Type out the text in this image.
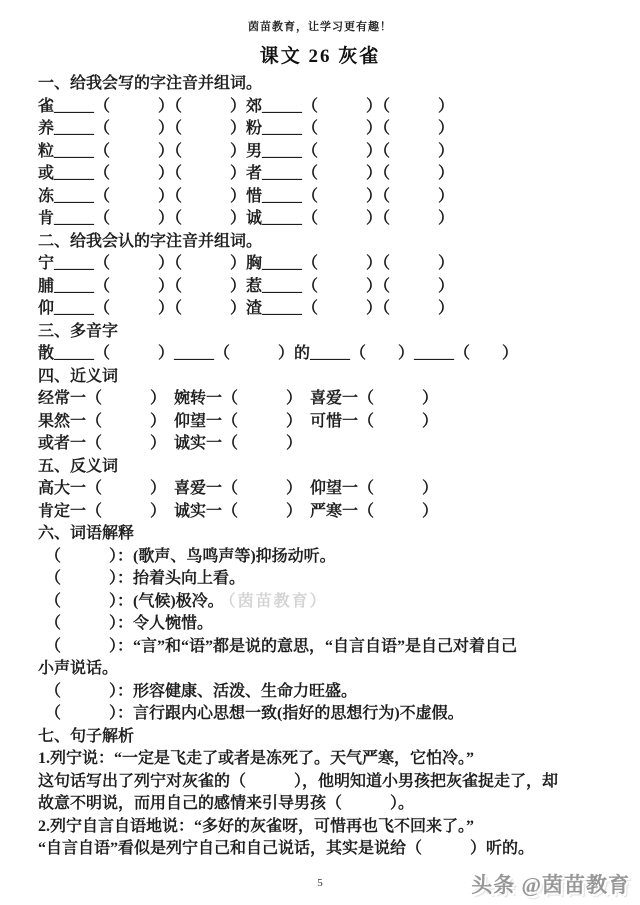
茵苗教育，让学习更有趣！
课文 26 灰雀
一、给我会写的字注音并组词。
雀_____（　　　）（　　　）郊_____（　　　）（　　　）
养_____（　　　）（　　　）粉_____（　　　）（　　　）
粒_____（　　　）（　　　）男_____（　　　）（　　　）
或_____（　　　）（　　　）者_____（　　　）（　　　）
冻_____（　　　）（　　　）惜_____（　　　）（　　　）
肯_____（　　　）（　　　）诚_____（　　　）（　　　）
二、给我会认的字注音并组词。
宁_____（　　　）（　　　）胸_____（　　　）（　　　）
脯_____（　　　）（　　　）惹_____（　　　）（　　　）
仰_____（　　　）（　　　）渣_____（　　　）（　　　）
三、多音字
散_____（　　　）_____（　　　）的_____（　　）_____（　　）
四、近义词
经常一（　　　）　婉转一（　　　）　喜爱一（　　　）
果然一（　　　）　仰望一（　　　）　可惜一（　　　）
或者一（　　　）　诚实一（　　　）
五、反义词
高大一（　　　）　喜爱一（　　　）　仰望一（　　　）
肯定一（　　　）　诚实一（　　　）　严寒一（　　　）
六、词语解释
（　　　）：(歌声、鸟鸣声等)抑扬动听。
（　　　）：抬着头向上看。
（　　　）：(气候)极冷。 （茵苗教育）
（　　　）：令人惋惜。
（　　　）：“言”和“语”都是说的意思，“自言自语”是自己对着自己
小声说话。
（　　　）：形容健康、活泼、生命力旺盛。
（　　　）：言行跟内心思想一致(指好的思想行为)不虚假。
七、句子解析
1.列宁说：“一定是飞走了或者是冻死了。天气严寒，它怕冷。”
这句话写出了列宁对灰雀的（　　　），他明知道小男孩把灰雀捉走了，却
故意不明说，而用自己的感情来引导男孩（　　　）。
2.列宁自言自语地说：“多好的灰雀呀，可惜再也飞不回来了。”
“自言自语”看似是列宁自己和自己说话，其实是说给（　　　）听的。
5	头条 @茵苗教育
